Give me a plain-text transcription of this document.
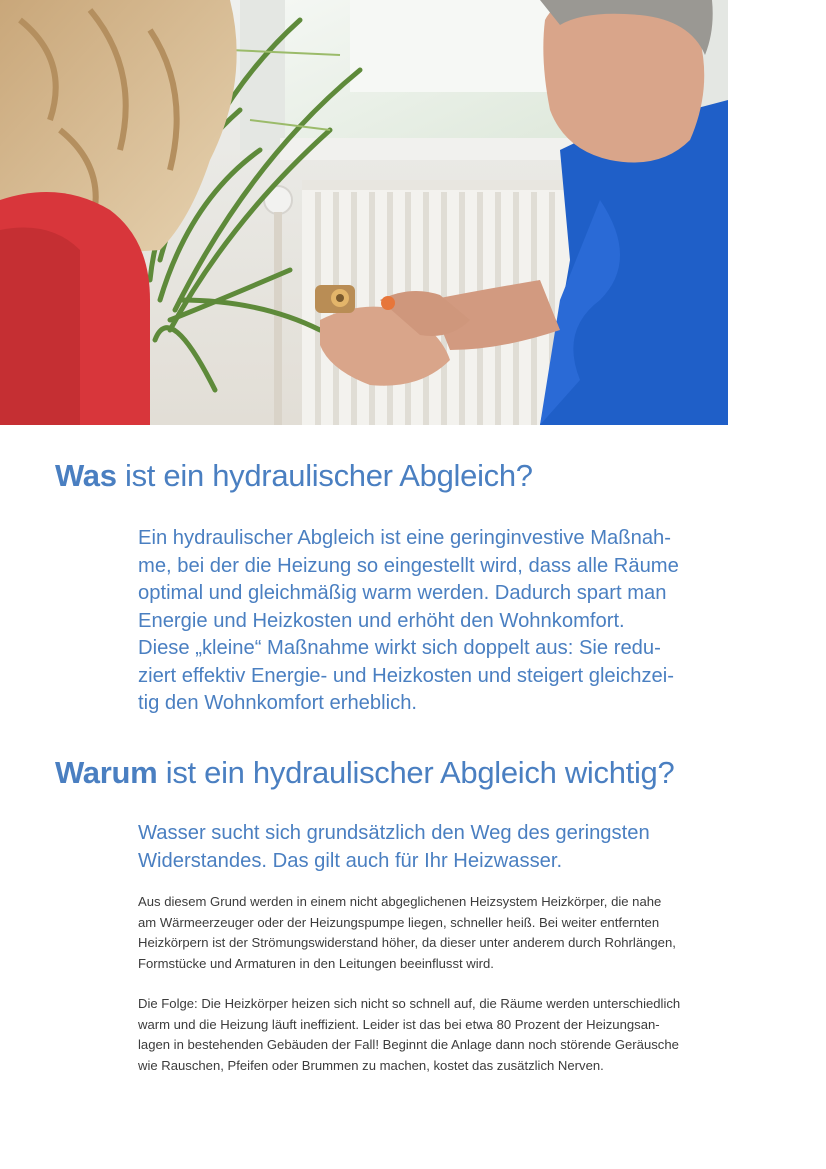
Was ist ein hydraulischer Abgleich?

Ein hydraulischer Abgleich ist eine geringinvestive Maßnah-
me, bei der die Heizung so eingestellt wird, dass alle Räume
optimal und gleichmäßig warm werden. Dadurch spart man
Energie und Heizkosten und erhöht den Wohnkomfort.
Diese „kleine“ Maßnahme wirkt sich doppelt aus: Sie redu-
ziert effektiv Energie- und Heizkosten und steigert gleichzei-
tig den Wohnkomfort erheblich.

Warum ist ein hydraulischer Abgleich wichtig?

Wasser sucht sich grundsätzlich den Weg des geringsten
Widerstandes. Das gilt auch für Ihr Heizwasser.

Aus diesem Grund werden in einem nicht abgeglichenen Heizsystem Heizkörper, die nahe
am Wärmeerzeuger oder der Heizungspumpe liegen, schneller heiß. Bei weiter entfernten
Heizkörpern ist der Strömungswiderstand höher, da dieser unter anderem durch Rohrlängen,
Formstücke und Armaturen in den Leitungen beeinflusst wird.

Die Folge: Die Heizkörper heizen sich nicht so schnell auf, die Räume werden unterschiedlich
warm und die Heizung läuft ineffizient. Leider ist das bei etwa 80 Prozent der Heizungsan-
lagen in bestehenden Gebäuden der Fall! Beginnt die Anlage dann noch störende Geräusche
wie Rauschen, Pfeifen oder Brummen zu machen, kostet das zusätzlich Nerven.
